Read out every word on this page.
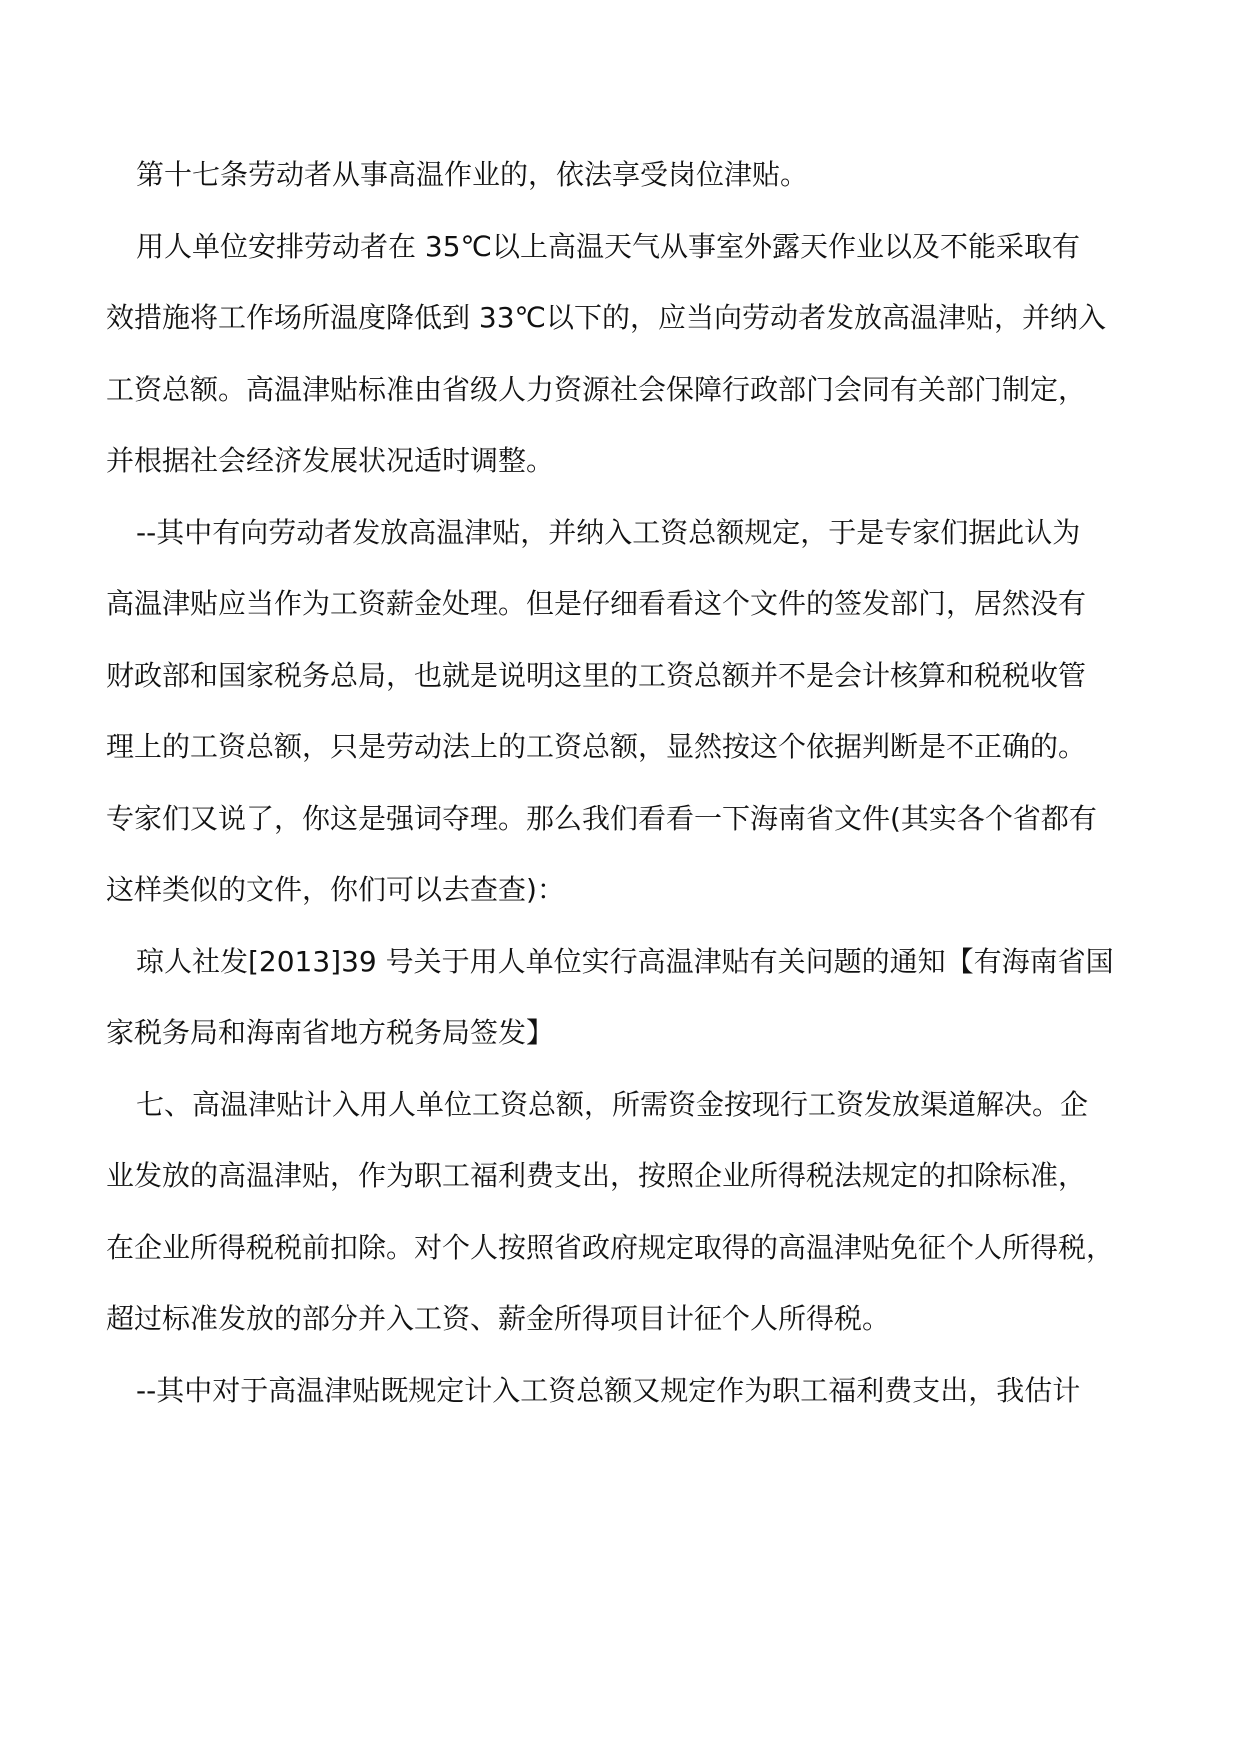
第十七条劳动者从事高温作业的，依法享受岗位津贴。
用人单位安排劳动者在 35℃以上高温天气从事室外露天作业以及不能采取有
效措施将工作场所温度降低到 33℃以下的，应当向劳动者发放高温津贴，并纳入
工资总额。高温津贴标准由省级人力资源社会保障行政部门会同有关部门制定，
并根据社会经济发展状况适时调整。
--其中有向劳动者发放高温津贴，并纳入工资总额规定，于是专家们据此认为
高温津贴应当作为工资薪金处理。但是仔细看看这个文件的签发部门，居然没有
财政部和国家税务总局，也就是说明这里的工资总额并不是会计核算和税税收管
理上的工资总额，只是劳动法上的工资总额，显然按这个依据判断是不正确的。
专家们又说了，你这是强词夺理。那么我们看看一下海南省文件(其实各个省都有
这样类似的文件，你们可以去查查)：
琼人社发[2013]39 号关于用人单位实行高温津贴有关问题的通知【有海南省国
家税务局和海南省地方税务局签发】
七、高温津贴计入用人单位工资总额，所需资金按现行工资发放渠道解决。企
业发放的高温津贴，作为职工福利费支出，按照企业所得税法规定的扣除标准，
在企业所得税税前扣除。对个人按照省政府规定取得的高温津贴免征个人所得税，
超过标准发放的部分并入工资、薪金所得项目计征个人所得税。
--其中对于高温津贴既规定计入工资总额又规定作为职工福利费支出，我估计
